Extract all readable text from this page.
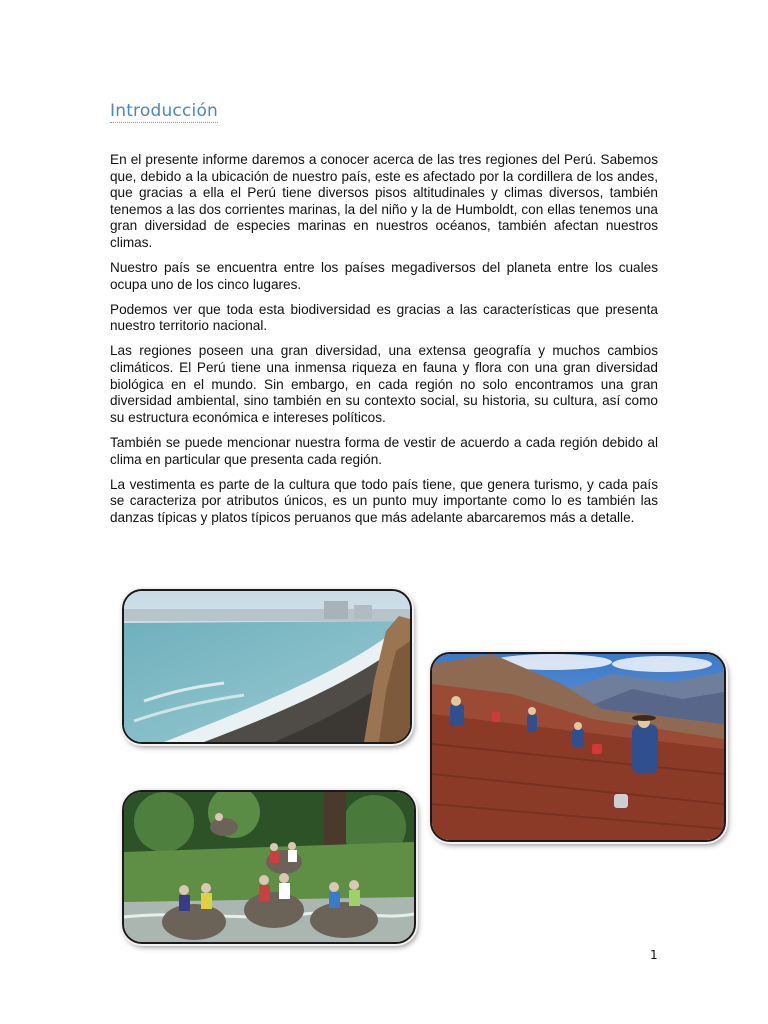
Introducción

En el presente informe daremos a conocer acerca de las tres regiones del Perú. Sabemos que, debido a la ubicación de nuestro país, este es afectado por la cordillera de los andes, que gracias a ella el Perú tiene diversos pisos altitudinales y climas diversos, también tenemos a las dos corrientes marinas, la del niño y la de Humboldt, con ellas tenemos una gran diversidad de especies marinas en nuestros océanos, también afectan nuestros climas.

Nuestro país se encuentra entre los países megadiversos del planeta entre los cuales ocupa uno de los cinco lugares.

Podemos ver que toda esta biodiversidad es gracias a las características que presenta nuestro territorio nacional.

Las regiones poseen una gran diversidad, una extensa geografía y muchos cambios climáticos. El Perú tiene una inmensa riqueza en fauna y flora con una gran diversidad biológica en el mundo. Sin embargo, en cada región no solo encontramos una gran diversidad ambiental, sino también en su contexto social, su historia, su cultura, así como su estructura económica e intereses políticos.

También se puede mencionar nuestra forma de vestir de acuerdo a cada región debido al clima en particular que presenta cada región.

La vestimenta es parte de la cultura que todo país tiene, que genera turismo, y cada país se caracteriza por atributos únicos, es un punto muy importante como lo es también las danzas típicas y platos típicos peruanos que más adelante abarcaremos más a detalle.

1
